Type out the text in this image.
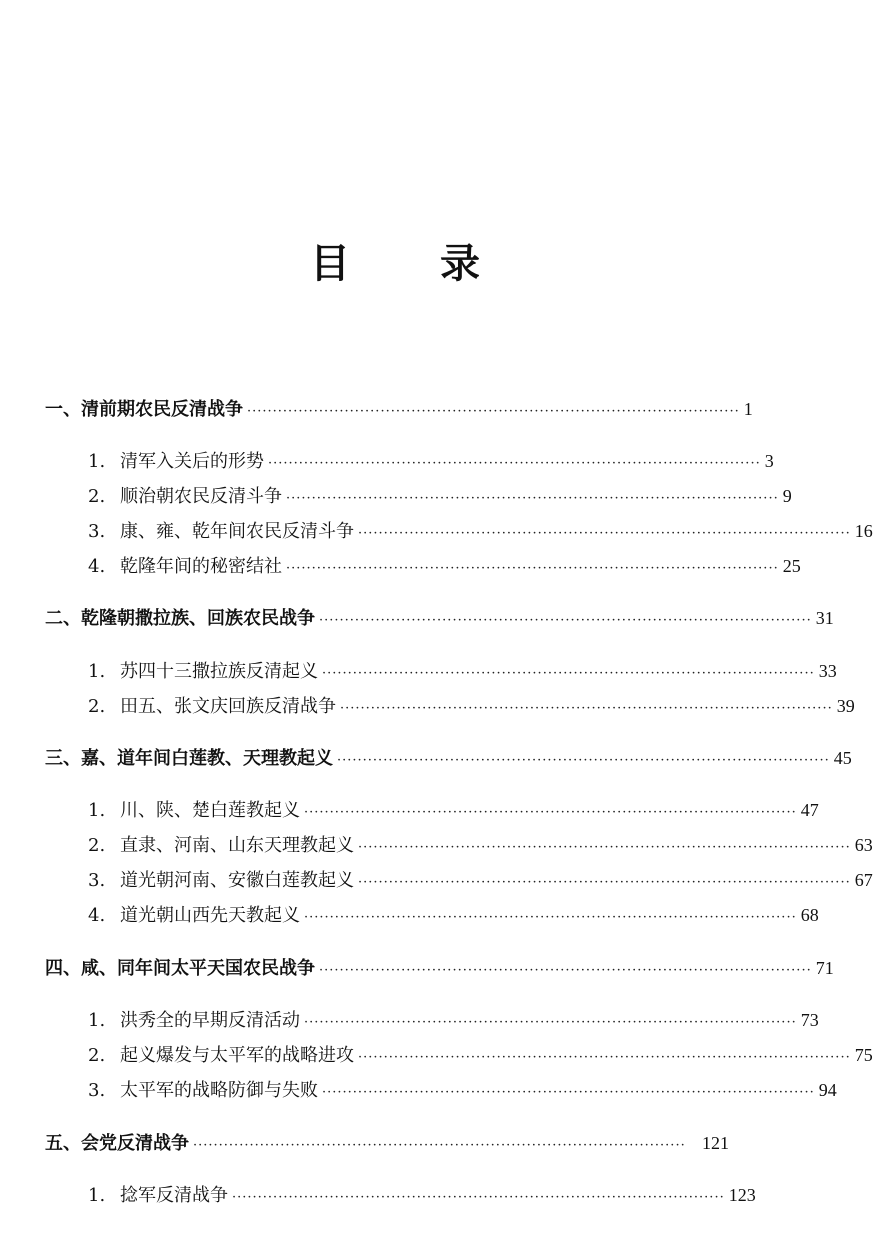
目 录
一、清前期农民反清战争 ································································································ 1
1. 清军入关后的形势 ································································································ 3
2. 顺治朝农民反清斗争 ································································································ 9
3. 康、雍、乾年间农民反清斗争 ································································································ 16
4. 乾隆年间的秘密结社 ································································································ 25
二、乾隆朝撒拉族、回族农民战争 ································································································ 31
1. 苏四十三撒拉族反清起义 ································································································ 33
2. 田五、张文庆回族反清战争 ································································································ 39
三、嘉、道年间白莲教、天理教起义 ································································································ 45
1. 川、陕、楚白莲教起义 ································································································ 47
2. 直隶、河南、山东天理教起义 ································································································ 63
3. 道光朝河南、安徽白莲教起义 ································································································ 67
4. 道光朝山西先天教起义 ································································································ 68
四、咸、同年间太平天国农民战争 ································································································ 71
1. 洪秀全的早期反清活动 ································································································ 73
2. 起义爆发与太平军的战略进攻 ································································································ 75
3. 太平军的战略防御与失败 ································································································ 94
五、会党反清战争 ································································································ 121
1. 捻军反清战争 ································································································ 123
